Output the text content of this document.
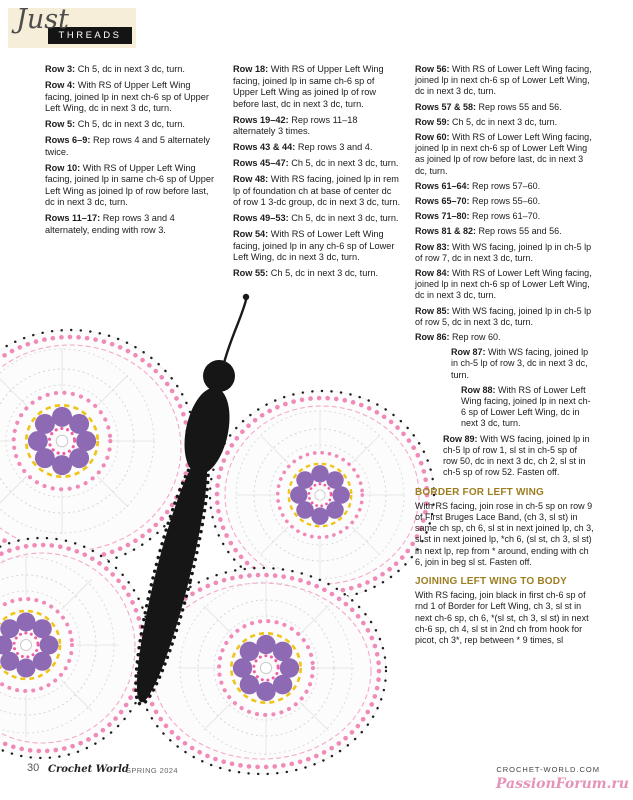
Just
THREADS

Row 3: Ch 5, dc in next 3 dc, turn.

Row 4: With RS of Upper Left Wing facing, joined lp in next ch-6 sp of Upper Left Wing, dc in next 3 dc, turn.

Row 5: Ch 5, dc in next 3 dc, turn.

Rows 6–9: Rep rows 4 and 5 alternately twice.

Row 10: With RS of Upper Left Wing facing, joined lp in same ch-6 sp of Upper Left Wing as joined lp of row before last, dc in next 3 dc, turn.

Rows 11–17: Rep rows 3 and 4 alternately, ending with row 3.

Row 18: With RS of Upper Left Wing facing, joined lp in same ch-6 sp of Upper Left Wing as joined lp of row before last, dc in next 3 dc, turn.

Rows 19–42: Rep rows 11–18 alternately 3 times.

Rows 43 & 44: Rep rows 3 and 4.

Rows 45–47: Ch 5, dc in next 3 dc, turn.

Row 48: With RS facing, joined lp in rem lp of foundation ch at base of center dc of row 1 3-dc group, dc in next 3 dc, turn.

Rows 49–53: Ch 5, dc in next 3 dc, turn.

Row 54: With RS of Lower Left Wing facing, joined lp in any ch-6 sp of Lower Left Wing, dc in next 3 dc, turn.

Row 55: Ch 5, dc in next 3 dc, turn.

Row 56: With RS of Lower Left Wing facing, joined lp in next ch-6 sp of Lower Left Wing, dc in next 3 dc, turn.

Rows 57 & 58: Rep rows 55 and 56.

Row 59: Ch 5, dc in next 3 dc, turn.

Row 60: With RS of Lower Left Wing facing, joined lp in next ch-6 sp of Lower Left Wing as joined lp of row before last, dc in next 3 dc, turn.

Rows 61–64: Rep rows 57–60.

Rows 65–70: Rep rows 55–60.

Rows 71–80: Rep rows 61–70.

Rows 81 & 82: Rep rows 55 and 56.

Row 83: With WS facing, joined lp in ch-5 lp of row 7, dc in next 3 dc, turn.

Row 84: With RS of Lower Left Wing facing, joined lp in next ch-6 sp of Lower Left Wing, dc in next 3 dc, turn.

Row 85: With WS facing, joined lp in ch-5 lp of row 5, dc in next 3 dc, turn.

Row 86: Rep row 60.

Row 87: With WS facing, joined lp in ch-5 lp of row 3, dc in next 3 dc, turn.

Row 88: With RS of Lower Left Wing facing, joined lp in next ch-6 sp of Lower Left Wing, dc in next 3 dc, turn.

Row 89: With WS facing, joined lp in ch-5 lp of row 1, sl st in ch-5 sp of row 50, dc in next 3 dc, ch 2, sl st in ch-5 sp of row 52. Fasten off.

BORDER FOR LEFT WING

With RS facing, join rose in ch-5 sp on row 9 of First Bruges Lace Band, (ch 3, sl st) in same ch sp, ch 6, sl st in next joined lp, ch 3, sl st in next joined lp, *ch 6, (sl st, ch 3, sl st) in next lp, rep from * around, ending with ch 6, join in beg sl st. Fasten off.

JOINING LEFT WING TO BODY

With RS facing, join black in first ch-6 sp of rnd 1 of Border for Left Wing, ch 3, sl st in next ch-6 sp, ch 6, *(sl st, ch 3, sl st) in next ch-6 sp, ch 4, sl st in 2nd ch from hook for picot, ch 3*, rep between * 9 times, sl

30 Crochet World
SPRING 2024	CROCHET-WORLD.COM
PassionForum.ru
